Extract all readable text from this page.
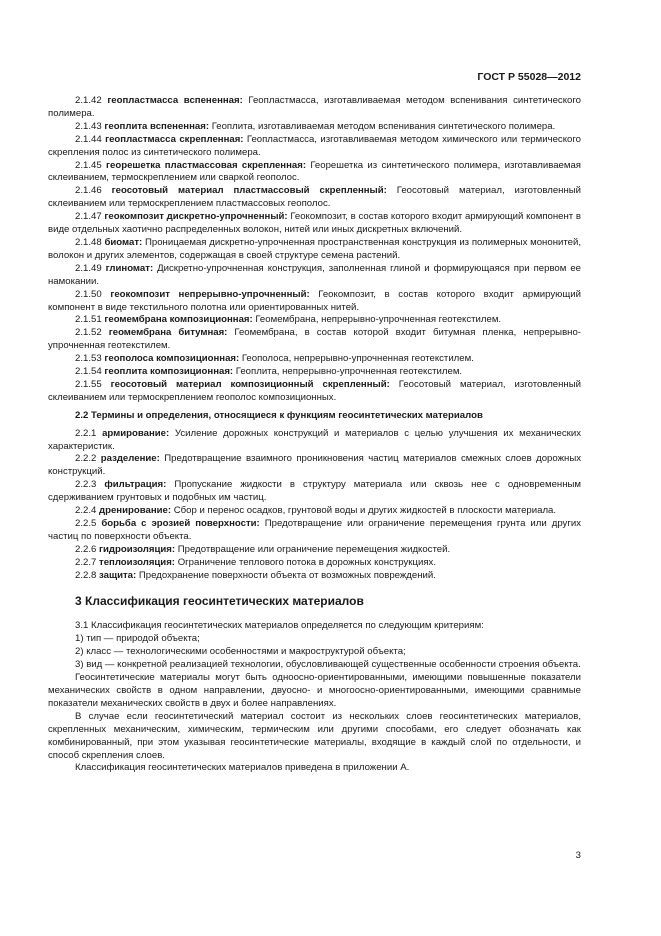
ГОСТ Р 55028—2012

2.1.42 геопластмасса вспененная: Геопластмасса, изготавливаемая методом вспенивания синтетического полимера.

2.1.43 геоплита вспененная: Геоплита, изготавливаемая методом вспенивания синтетического полимера.

2.1.44 геопластмасса скрепленная: Геопластмасса, изготавливаемая методом химического или термического скрепления полос из синтетического полимера.

2.1.45 георешетка пластмассовая скрепленная: Георешетка из синтетического полимера, изготавливаемая склеиванием, термоскреплением или сваркой геополос.

2.1.46 геосотовый материал пластмассовый скрепленный: Геосотовый материал, изготовленный склеиванием или термоскреплением пластмассовых геополос.

2.1.47 геокомпозит дискретно-упрочненный: Геокомпозит, в состав которого входит армирующий компонент в виде отдельных хаотично распределенных волокон, нитей или иных дискретных включений.

2.1.48 биомат: Проницаемая дискретно-упрочненная пространственная конструкция из полимерных мононитей, волокон и других элементов, содержащая в своей структуре семена растений.

2.1.49 глиномат: Дискретно-упрочненная конструкция, заполненная глиной и формирующаяся при первом ее намокании.

2.1.50 геокомпозит непрерывно-упрочненный: Геокомпозит, в состав которого входит армирующий компонент в виде текстильного полотна или ориентированных нитей.

2.1.51 геомембрана композиционная: Геомембрана, непрерывно-упрочненная геотекстилем.

2.1.52 геомембрана битумная: Геомембрана, в состав которой входит битумная пленка, непрерывно-упрочненная геотекстилем.

2.1.53 геополоса композиционная: Геополоса, непрерывно-упрочненная геотекстилем.

2.1.54 геоплита композиционная: Геоплита, непрерывно-упрочненная геотекстилем.

2.1.55 геосотовый материал композиционный скрепленный: Геосотовый материал, изготовленный склеиванием или термоскреплением геополос композиционных.

2.2 Термины и определения, относящиеся к функциям геосинтетических материалов

2.2.1 армирование: Усиление дорожных конструкций и материалов с целью улучшения их механических характеристик.

2.2.2 разделение: Предотвращение взаимного проникновения частиц материалов смежных слоев дорожных конструкций.

2.2.3 фильтрация: Пропускание жидкости в структуру материала или сквозь нее с одновременным сдерживанием грунтовых и подобных им частиц.

2.2.4 дренирование: Сбор и перенос осадков, грунтовой воды и других жидкостей в плоскости материала.

2.2.5 борьба с эрозией поверхности: Предотвращение или ограничение перемещения грунта или других частиц по поверхности объекта.

2.2.6 гидроизоляция: Предотвращение или ограничение перемещения жидкостей.

2.2.7 теплоизоляция: Ограничение теплового потока в дорожных конструкциях.

2.2.8 защита: Предохранение поверхности объекта от возможных повреждений.

3 Классификация геосинтетических материалов

3.1 Классификация геосинтетических материалов определяется по следующим критериям:

1) тип — природой объекта;

2) класс — технологическими особенностями и макроструктурой объекта;

3) вид — конкретной реализацией технологии, обусловливающей существенные особенности строения объекта.

Геосинтетические материалы могут быть одноосно-ориентированными, имеющими повышенные показатели механических свойств в одном направлении, двуосно- и многоосно-ориентированными, имеющими сравнимые показатели механических свойств в двух и более направлениях.

В случае если геосинтетический материал состоит из нескольких слоев геосинтетических материалов, скрепленных механическим, химическим, термическим или другими способами, его следует обозначать как комбинированный, при этом указывая геосинтетические материалы, входящие в каждый слой по отдельности, и способ скрепления слоев.

Классификация геосинтетических материалов приведена в приложении А.

3
